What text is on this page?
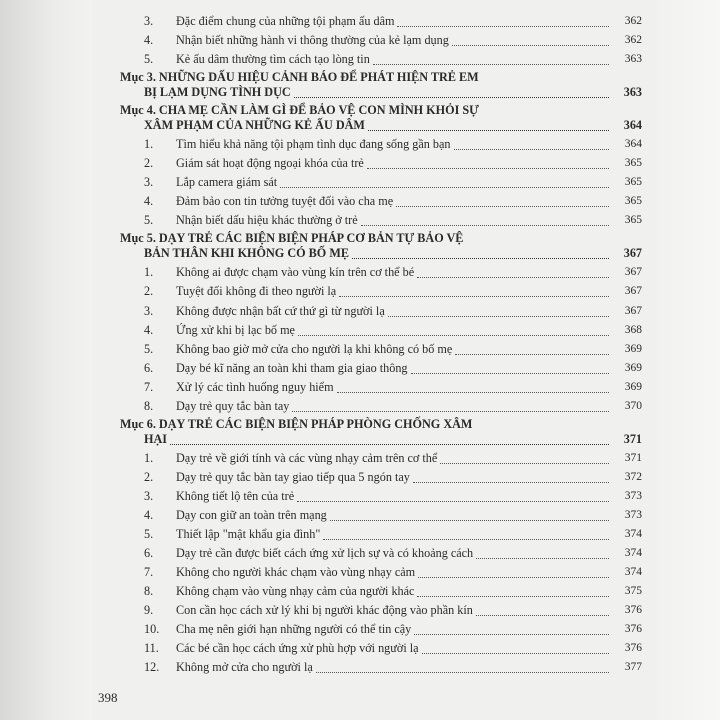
3.	Đặc điểm chung của những tội phạm ấu dâm	362
4.	Nhận biết những hành vi thông thường của kẻ lạm dụng	362
5.	Kẻ ấu dâm thường tìm cách tạo lòng tin	363
Mục 3. NHỮNG DẤU HIỆU CẢNH BÁO ĐỂ PHÁT HIỆN TRẺ EM
BỊ LẠM DỤNG TÌNH DỤC	363
Mục 4. CHA MẸ CẦN LÀM GÌ ĐỂ BẢO VỆ CON MÌNH KHỎI SỰ
XÂM PHẠM CỦA NHỮNG KẺ ẤU DÂM	364
1.	Tìm hiểu khả năng tội phạm tình dục đang sống gần bạn	364
2.	Giám sát hoạt động ngoại khóa của trẻ	365
3.	Lắp camera giám sát	365
4.	Đảm bảo con tin tưởng tuyệt đối vào cha mẹ	365
5.	Nhận biết dấu hiệu khác thường ở trẻ	365
Mục 5. DẠY TRẺ CÁC BIỆN BIỆN PHÁP CƠ BẢN TỰ BẢO VỆ
BẢN THÂN KHI KHÔNG CÓ BỐ MẸ	367
1.	Không ai được chạm vào vùng kín trên cơ thể bé	367
2.	Tuyệt đối không đi theo người lạ	367
3.	Không được nhận bất cứ thứ gì từ người lạ	367
4.	Ứng xử khi bị lạc bố mẹ	368
5.	Không bao giờ mở cửa cho người lạ khi không có bố mẹ	369
6.	Dạy bé kĩ năng an toàn khi tham gia giao thông	369
7.	Xử lý các tình huống nguy hiểm	369
8.	Dạy trẻ quy tắc bàn tay	370
Mục 6. DẠY TRẺ CÁC BIỆN BIỆN PHÁP PHÒNG CHỐNG XÂM
HẠI	371
1.	Dạy trẻ về giới tính và các vùng nhạy cảm trên cơ thể	371
2.	Dạy trẻ quy tắc bàn tay giao tiếp qua 5 ngón tay	372
3.	Không tiết lộ tên của trẻ	373
4.	Dạy con giữ an toàn trên mạng	373
5.	Thiết lập "mật khẩu gia đình"	374
6.	Dạy trẻ cần được biết cách ứng xử lịch sự và có khoảng cách	374
7.	Không cho người khác chạm vào vùng nhạy cảm	374
8.	Không chạm vào vùng nhạy cảm của người khác	375
9.	Con cần học cách xử lý khi bị người khác động vào phần kín	376
10.	Cha mẹ nên giới hạn những người có thể tin cậy	376
11.	Các bé cần học cách ứng xử phù hợp với người lạ	376
12.	Không mở cửa cho người lạ	377
398
